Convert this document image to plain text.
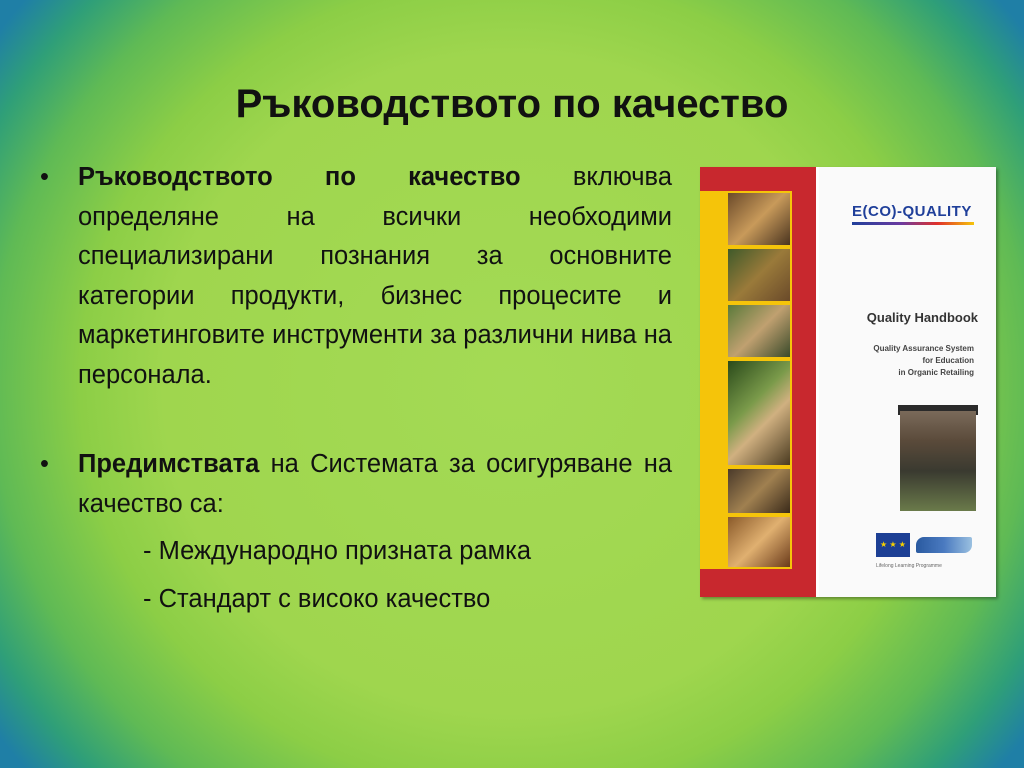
Ръководството по качество
• Ръководството по качество включва определяне на всички необходими специализирани познания за основните категории продукти, бизнес процесите и маркетинговите инструменти за различни нива на персонала.
• Предимствата на Системата за осигуряване на качество са:
- Международно призната рамка
- Стандарт с високо качество
E(CO)-QUALITY
Quality Handbook
Quality Assurance System
for Education
in Organic Retailing
★ ★ ★
Lifelong Learning Programme
